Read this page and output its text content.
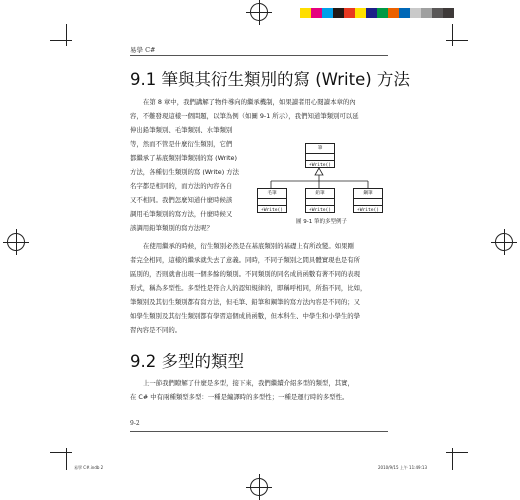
易學 C#
9.1 筆與其衍生類別的寫 (Write) 方法
在第 8 章中，我們講解了物件導向的繼承機制，如果讀者用心閱讀本章的內
容，不難發現這樣一個問題，以筆為例（如圖 9-1 所示），我們知道筆類別可以延
伸出鉛筆類別、毛筆類別、水筆類別
等，然而不管是什麼衍生類別，它們
都繼承了基底類別筆類別的寫 (Write)
方法，各種衍生類別的寫 (Write) 方法
名字都是相同的，而方法的內容各自
又不相同。我們怎麼知道什麼時候該
調用毛筆類別的寫方法，什麼時候又
該調用鉛筆類別的寫方法呢？
筆
+Write()
毛筆
+Write()
鉛筆
+Write()
鋼筆
+Write()
圖 9-1 筆的多型例子
在使用繼承的時候，衍生類別必然是在基底類別的基礎上有所改變。如果剛
者完全相同，這樣的繼承就失去了意義。同時，不同子類別之間具體實現也是有所
區別的，否則就會出現一個多餘的類別。不同類別的同名成員函數有著不同的表現
形式，稱為多型性。多型性是符合人的認知規律的，即稱呼相同，所指不同，比如，
筆類別及其衍生類別都有寫方法，但毛筆、鉛筆和鋼筆的寫方法內容是不同的；又
如學生類別及其衍生類別都有學習這個成員函數，但本科生、中學生和小學生的學
習內容是不同的。
9.2 多型的類型
上一節我們瞭解了什麼是多型，接下來，我們繼續介紹多型的類型，其實，
在 C# 中有兩種類型多型：一種是編譯時的多型性；一種是運行時的多型性。
9-2
易學 C#.indb 2	2010/9/15 上午 11:49:13
